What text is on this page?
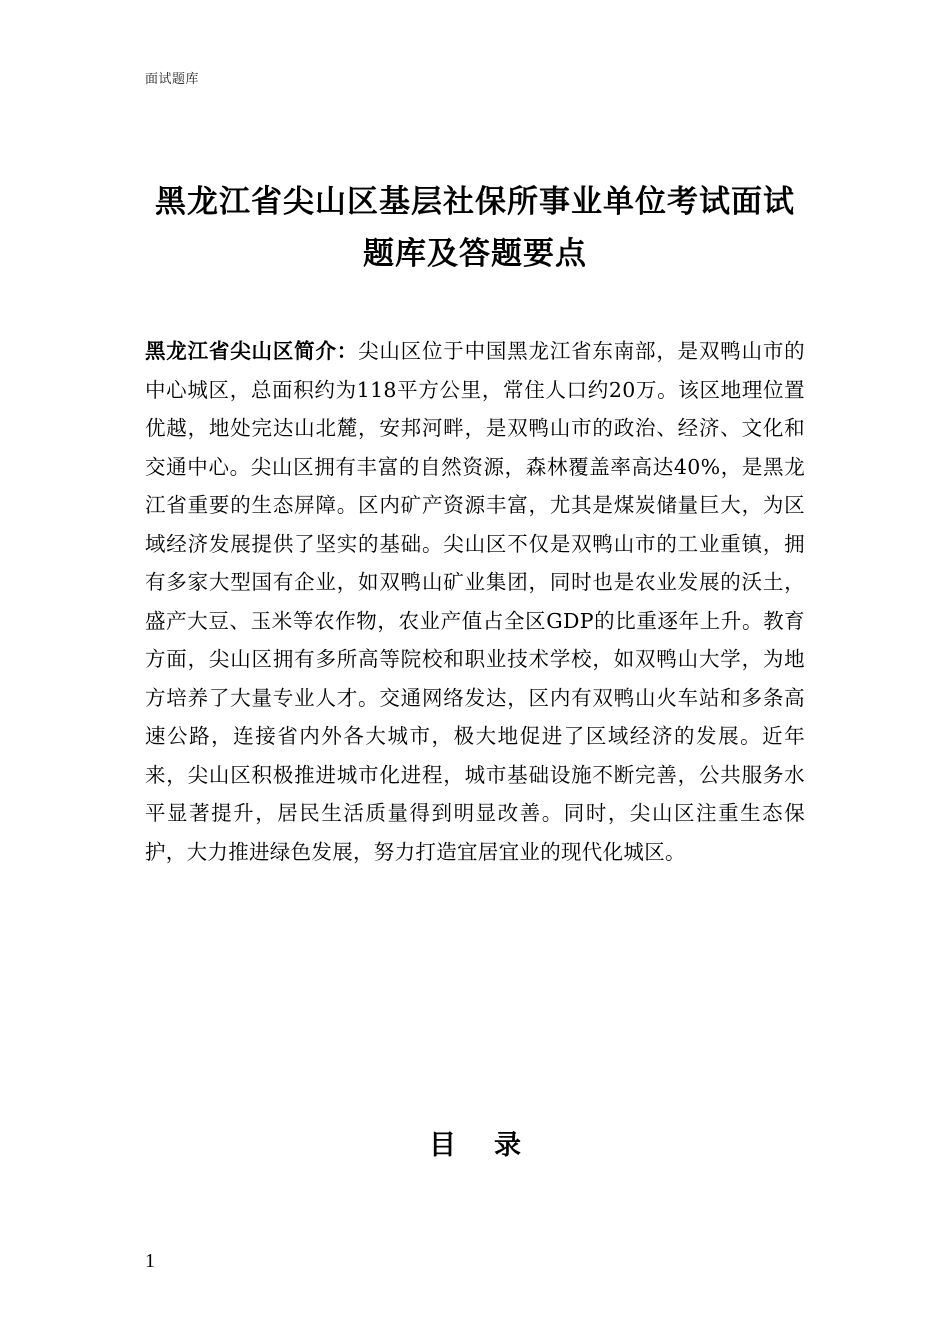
面试题库
黑龙江省尖山区基层社保所事业单位考试面试题库及答题要点

黑龙江省尖山区简介：尖山区位于中国黑龙江省东南部，是双鸭山市的中心城区，总面积约为118平方公里，常住人口约20万。该区地理位置优越，地处完达山北麓，安邦河畔，是双鸭山市的政治、经济、文化和交通中心。尖山区拥有丰富的自然资源，森林覆盖率高达40%，是黑龙江省重要的生态屏障。区内矿产资源丰富，尤其是煤炭储量巨大，为区域经济发展提供了坚实的基础。尖山区不仅是双鸭山市的工业重镇，拥有多家大型国有企业，如双鸭山矿业集团，同时也是农业发展的沃土，盛产大豆、玉米等农作物，农业产值占全区GDP的比重逐年上升。教育方面，尖山区拥有多所高等院校和职业技术学校，如双鸭山大学，为地方培养了大量专业人才。交通网络发达，区内有双鸭山火车站和多条高速公路，连接省内外各大城市，极大地促进了区域经济的发展。近年来，尖山区积极推进城市化进程，城市基础设施不断完善，公共服务水平显著提升，居民生活质量得到明显改善。同时，尖山区注重生态保护，大力推进绿色发展，努力打造宜居宜业的现代化城区。

目录
1
